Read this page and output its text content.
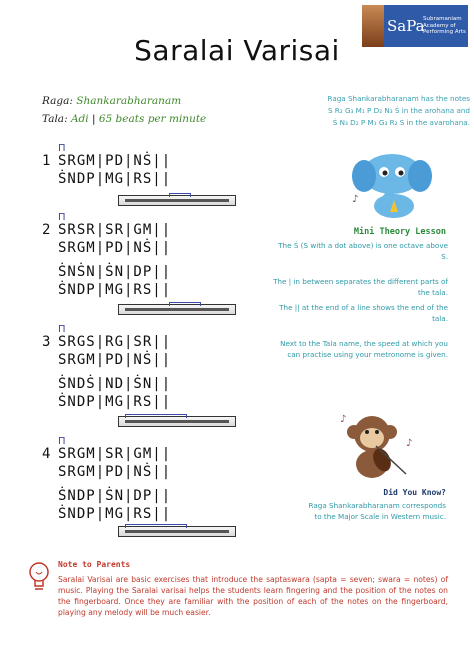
SaPa
Subramaniam Academy of Performing Arts
Saralai Varisai
Raga: Shankarabharanam
Tala: Adi | 65 beats per minute
Raga Shankarabharanam has the notes
S R₂ G₃ M₁ P D₂ N₃ Ṡ in the arohana and
Ṡ N₃ D₂ P M₁ G₃ R₂ S in the avarohana.
Π
1 SRGM|PD|NṠ||
ṠNDP|MG|RS||
Π
2 SRSR|SR|GM||
SRGM|PD|NṠ||
ṠNṠN|ṠN|DP||
ṠNDP|MG|RS||
Π
3 SRGS|RG|SR||
SRGM|PD|NṠ||
ṠNDṠ|ND|ṠN||
ṠNDP|MG|RS||
Π
4 SRGM|SR|GM||
SRGM|PD|NṠ||
ṠNDP|ṠN|DP||
ṠNDP|MG|RS||
♪
Mini Theory Lesson
The Ṡ (S with a dot above) is one octave above S.
The | in between separates the different parts of the tala.
The || at the end of a line shows the end of the tala.
Next to the Tala name, the speed at which you can practise using your metronome is given.
♪
♪
Did You Know?
Raga Shankarabharanam corresponds to the Major Scale in Western music.
Note to Parents
Saralai Varisai are basic exercises that introduce the saptaswara (sapta = seven; swara = notes) of music. Playing the Saralai varisai helps the students learn fingering and the position of the notes on the fingerboard. Once they are familiar with the position of each of the notes on the fingerboard, playing any melody will be much easier.
